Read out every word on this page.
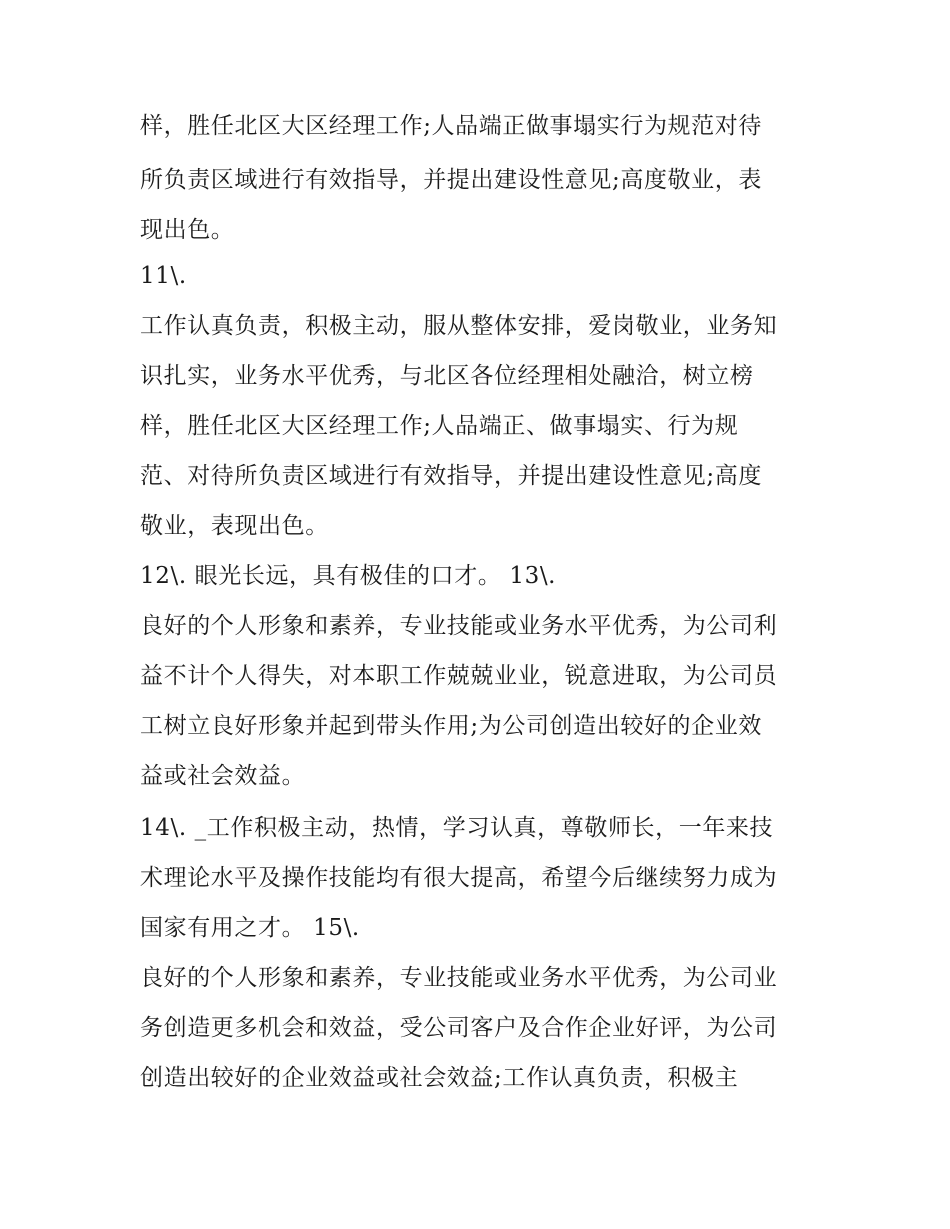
样，胜任北区大区经理工作;人品端正做事塌实行为规范对待
所负责区域进行有效指导，并提出建设性意见;高度敬业，表
现出色。
11\.
工作认真负责，积极主动，服从整体安排，爱岗敬业，业务知
识扎实，业务水平优秀，与北区各位经理相处融洽，树立榜
样，胜任北区大区经理工作;人品端正、做事塌实、行为规
范、对待所负责区域进行有效指导，并提出建设性意见;高度
敬业，表现出色。
12\. 眼光长远，具有极佳的口才。 13\.
良好的个人形象和素养，专业技能或业务水平优秀，为公司利
益不计个人得失，对本职工作兢兢业业，锐意进取，为公司员
工树立良好形象并起到带头作用;为公司创造出较好的企业效
益或社会效益。
14\. _工作积极主动，热情，学习认真，尊敬师长，一年来技
术理论水平及操作技能均有很大提高，希望今后继续努力成为
国家有用之才。 15\.
良好的个人形象和素养，专业技能或业务水平优秀，为公司业
务创造更多机会和效益，受公司客户及合作企业好评，为公司
创造出较好的企业效益或社会效益;工作认真负责，积极主
